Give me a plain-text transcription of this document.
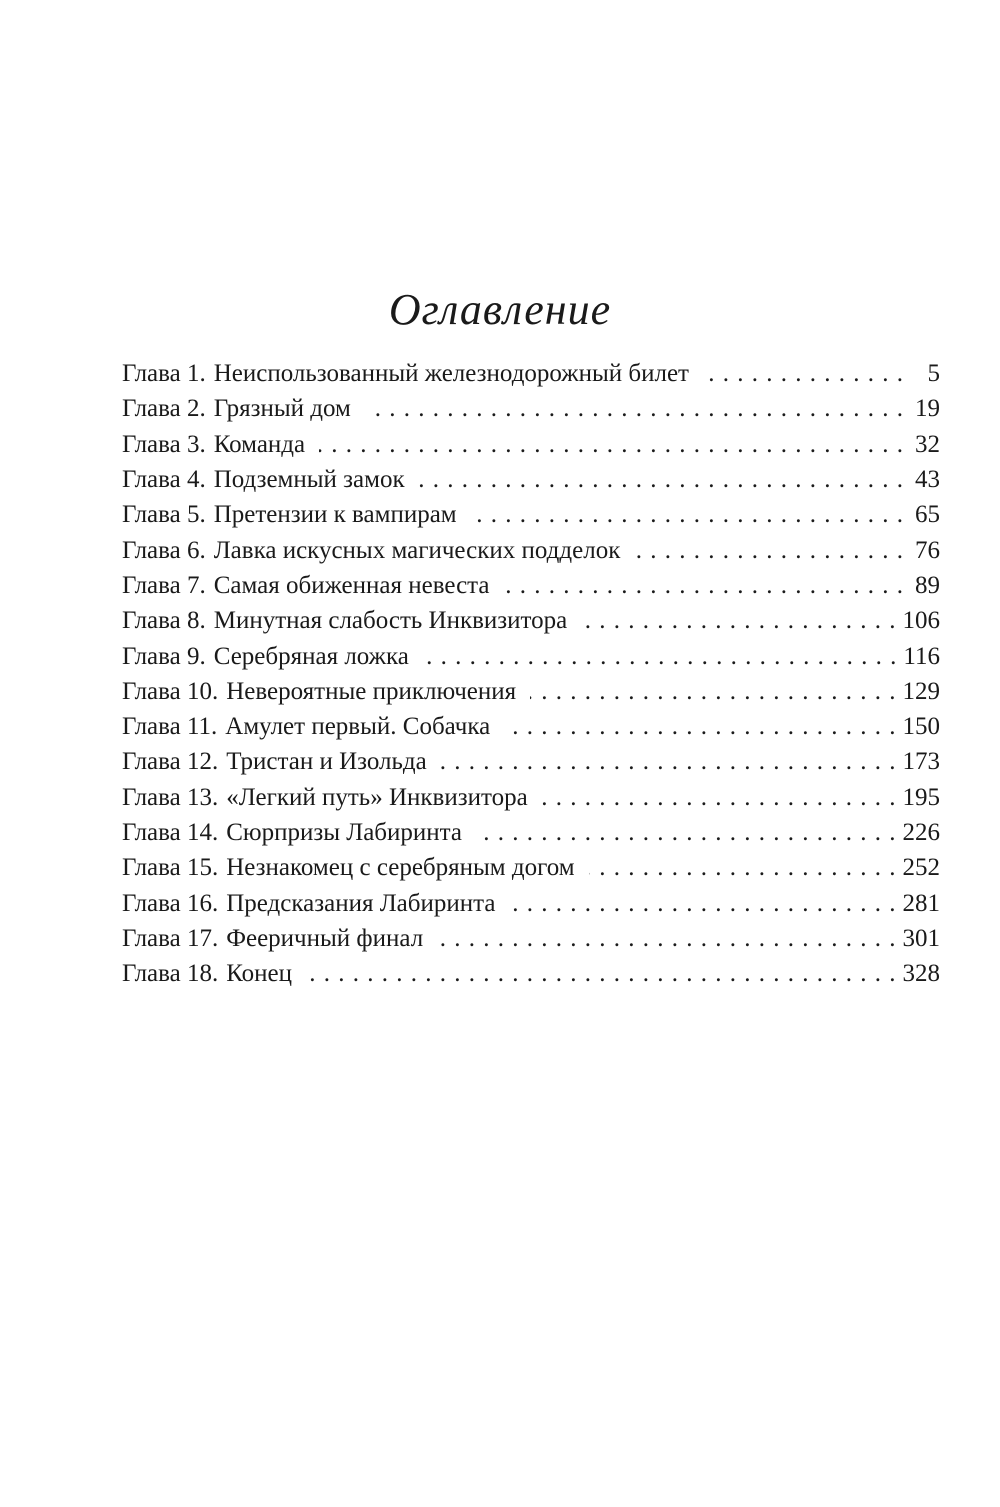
Оглавление
Глава 1. Неиспользованный железнодорожный билет . . .	5
Глава 2. Грязный дом . . .	19
Глава 3. Команда . . .	32
Глава 4. Подземный замок . . .	43
Глава 5. Претензии к вампирам . . .	65
Глава 6. Лавка искусных магических подделок . . .	76
Глава 7. Самая обиженная невеста . . .	89
Глава 8. Минутная слабость Инквизитора . . .	106
Глава 9. Серебряная ложка . . .	116
Глава 10. Невероятные приключения . . .	129
Глава 11. Амулет первый. Собачка . . .	150
Глава 12. Тристан и Изольда . . .	173
Глава 13. «Легкий путь» Инквизитора . . .	195
Глава 14. Сюрпризы Лабиринта . . .	226
Глава 15. Незнакомец с серебряным догом . . .	252
Глава 16. Предсказания Лабиринта . . .	281
Глава 17. Фееричный финал . . .	301
Глава 18. Конец . . .	328
